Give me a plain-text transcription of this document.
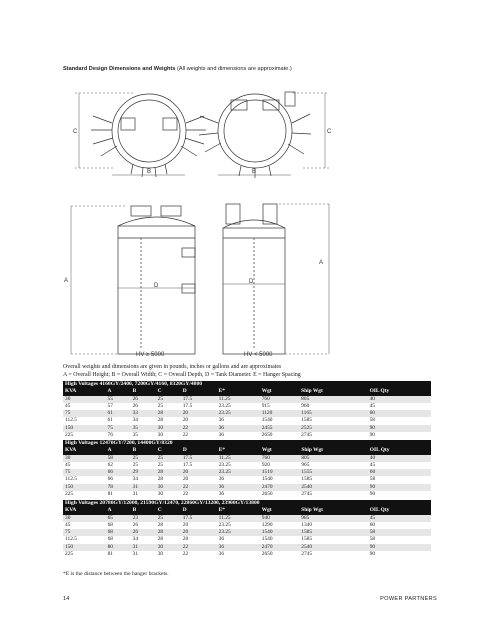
Standard Design Dimensions and Weights (All weights and dimensions are approximate.)
C	C
B	B
A
A
D
D
HV ≥ 5000	HV < 5000
Overall weights and dimensions are given in pounds, inches or gallons and are approximates
A = Overall Height; B = Overall Width; C = Overall Depth, D = Tank Diameter. E = Hanger Spacing
High Voltages 4160GY/2400, 7200GY/4160, 8320GY/4800								
KVA	A	B	C	D	E*	Wgt	Ship Wgt	OIL Qty
30	55	26	25	17.5	11.25	760	805	40
45	57	26	25	17.5	23.25	915	960	45
75	61	33	28	20	23.25	1120	1165	60
112.5	61	34	28	20	36	1540	1585	58
150	75	35	30	22	36	2455	2525	90
225	76	35	30	22	36	2650	2745	90
High Voltages 12470GY/7200, 14400GY/8320								
KVA	A	B	C	D	E*	Wgt	Ship Wgt	OIL Qty
30	58	25	25	17.5	11.25	760	805	40
45	62	25	25	17.5	23.25	920	965	45
75	66	29	28	20	23.25	1510	1555	60
112.5	66	34	28	20	36	1540	1585	58
150	78	31	30	22	36	2470	2540	90
225	81	31	30	22	36	2650	2745	90
High Voltages 20780GY/12000, 21590GY/12470, 22860GY/13200, 23900GY/13800								
KVA	A	B	C	D	E*	Wgt	Ship Wgt	OIL Qty
30	65	23	25	17.5	11.25	940	985	45
45	68	26	28	20	23.25	1290	1340	60
75	68	26	28	20	23.25	1540	1585	58
112.5	68	34	28	20	36	1540	1585	58
150	80	31	30	22	36	2470	2540	90
225	81	31	30	22	36	2650	2745	90
*E is the distance between the hanger brackets.
14	POWER PARTNERS
